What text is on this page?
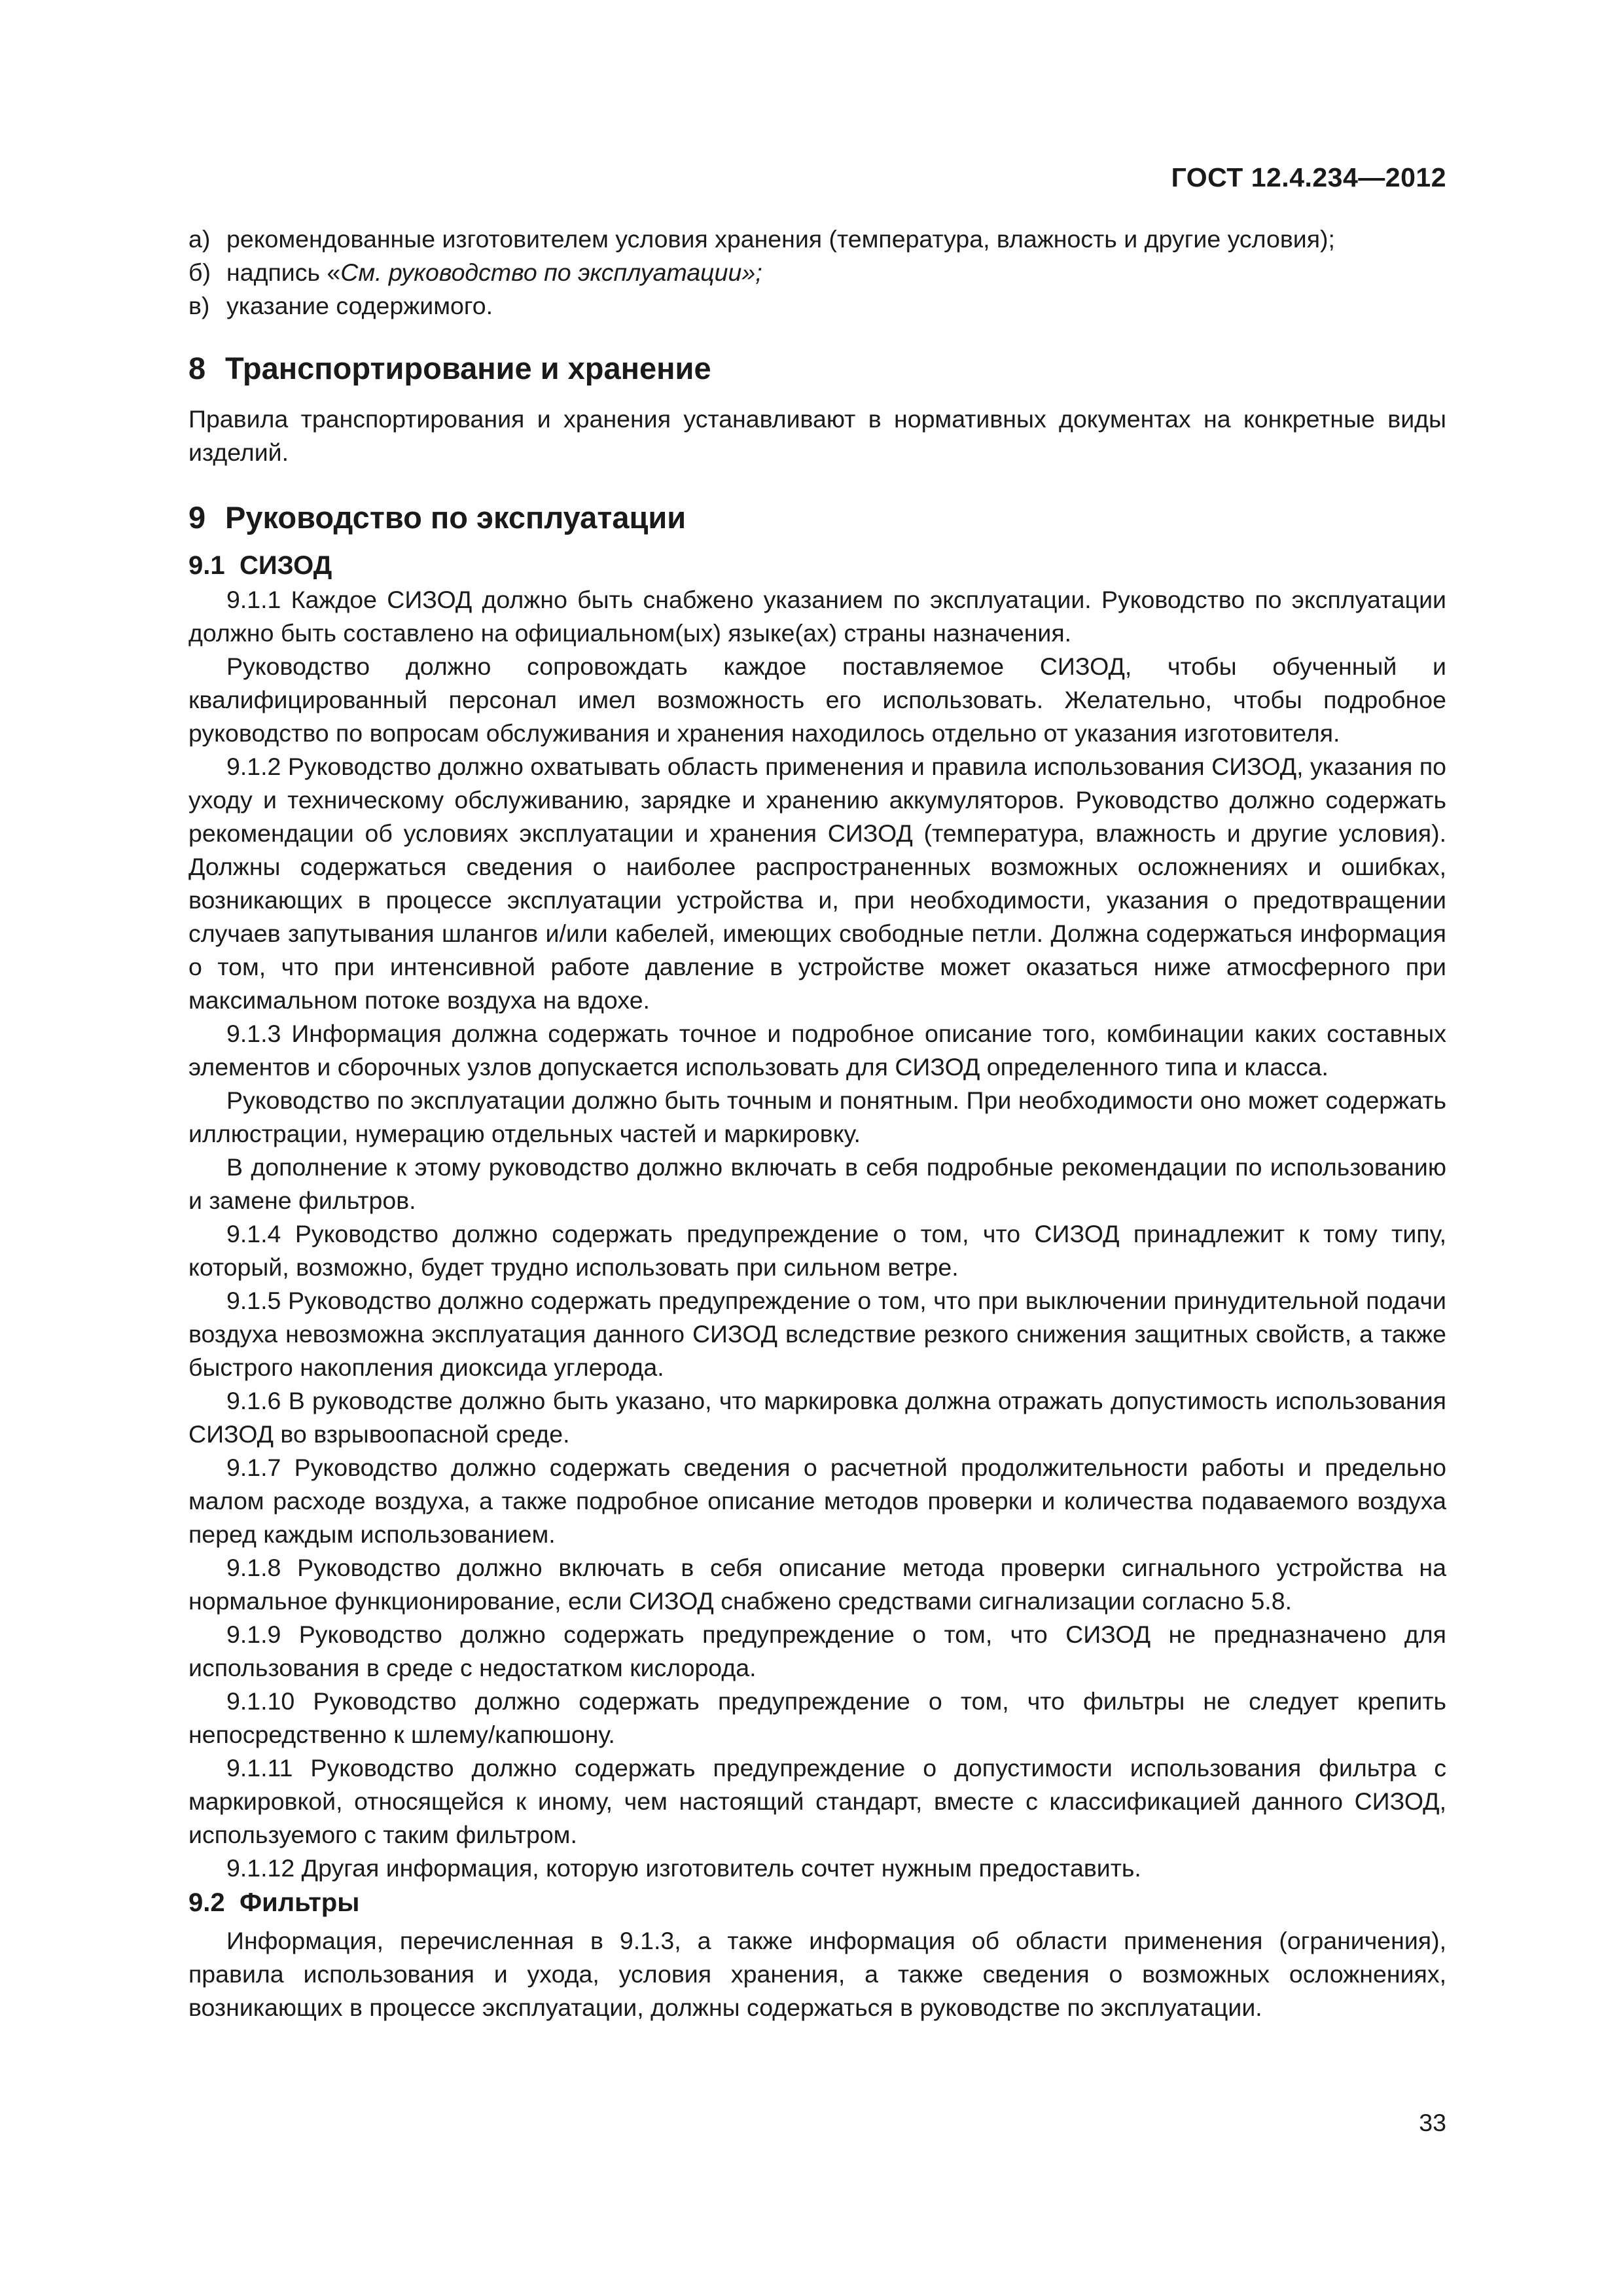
ГОСТ 12.4.234—2012
а) рекомендованные изготовителем условия хранения (температура, влажность и другие условия);
б) надпись «См. руководство по эксплуатации»;
в) указание содержимого.
8 Транспортирование и хранение

Правила транспортирования и хранения устанавливают в нормативных документах на конкретные виды изделий.

9 Руководство по эксплуатации
9.1 СИЗОД

9.1.1 Каждое СИЗОД должно быть снабжено указанием по эксплуатации. Руководство по эксплуатации должно быть составлено на официальном(ых) языке(ах) страны назначения.

Руководство должно сопровождать каждое поставляемое СИЗОД, чтобы обученный и квалифицированный персонал имел возможность его использовать. Желательно, чтобы подробное руководство по вопросам обслуживания и хранения находилось отдельно от указания изготовителя.

9.1.2 Руководство должно охватывать область применения и правила использования СИЗОД, указания по уходу и техническому обслуживанию, зарядке и хранению аккумуляторов. Руководство должно содержать рекомендации об условиях эксплуатации и хранения СИЗОД (температура, влажность и другие условия). Должны содержаться сведения о наиболее распространенных возможных осложнениях и ошибках, возникающих в процессе эксплуатации устройства и, при необходимости, указания о предотвращении случаев запутывания шлангов и/или кабелей, имеющих свободные петли. Должна содержаться информация о том, что при интенсивной работе давление в устройстве может оказаться ниже атмосферного при максимальном потоке воздуха на вдохе.

9.1.3 Информация должна содержать точное и подробное описание того, комбинации каких составных элементов и сборочных узлов допускается использовать для СИЗОД определенного типа и класса.

Руководство по эксплуатации должно быть точным и понятным. При необходимости оно может содержать иллюстрации, нумерацию отдельных частей и маркировку.

В дополнение к этому руководство должно включать в себя подробные рекомендации по использованию и замене фильтров.

9.1.4 Руководство должно содержать предупреждение о том, что СИЗОД принадлежит к тому типу, который, возможно, будет трудно использовать при сильном ветре.

9.1.5 Руководство должно содержать предупреждение о том, что при выключении принудительной подачи воздуха невозможна эксплуатация данного СИЗОД вследствие резкого снижения защитных свойств, а также быстрого накопления диоксида углерода.

9.1.6 В руководстве должно быть указано, что маркировка должна отражать допустимость использования СИЗОД во взрывоопасной среде.

9.1.7 Руководство должно содержать сведения о расчетной продолжительности работы и предельно малом расходе воздуха, а также подробное описание методов проверки и количества подаваемого воздуха перед каждым использованием.

9.1.8 Руководство должно включать в себя описание метода проверки сигнального устройства на нормальное функционирование, если СИЗОД снабжено средствами сигнализации согласно 5.8.

9.1.9 Руководство должно содержать предупреждение о том, что СИЗОД не предназначено для использования в среде с недостатком кислорода.

9.1.10 Руководство должно содержать предупреждение о том, что фильтры не следует крепить непосредственно к шлему/капюшону.

9.1.11 Руководство должно содержать предупреждение о допустимости использования фильтра с маркировкой, относящейся к иному, чем настоящий стандарт, вместе с классификацией данного СИЗОД, используемого с таким фильтром.

9.1.12 Другая информация, которую изготовитель сочтет нужным предоставить.

9.2 Фильтры

Информация, перечисленная в 9.1.3, а также информация об области применения (ограничения), правила использования и ухода, условия хранения, а также сведения о возможных осложнениях, возникающих в процессе эксплуатации, должны содержаться в руководстве по эксплуатации.

33
